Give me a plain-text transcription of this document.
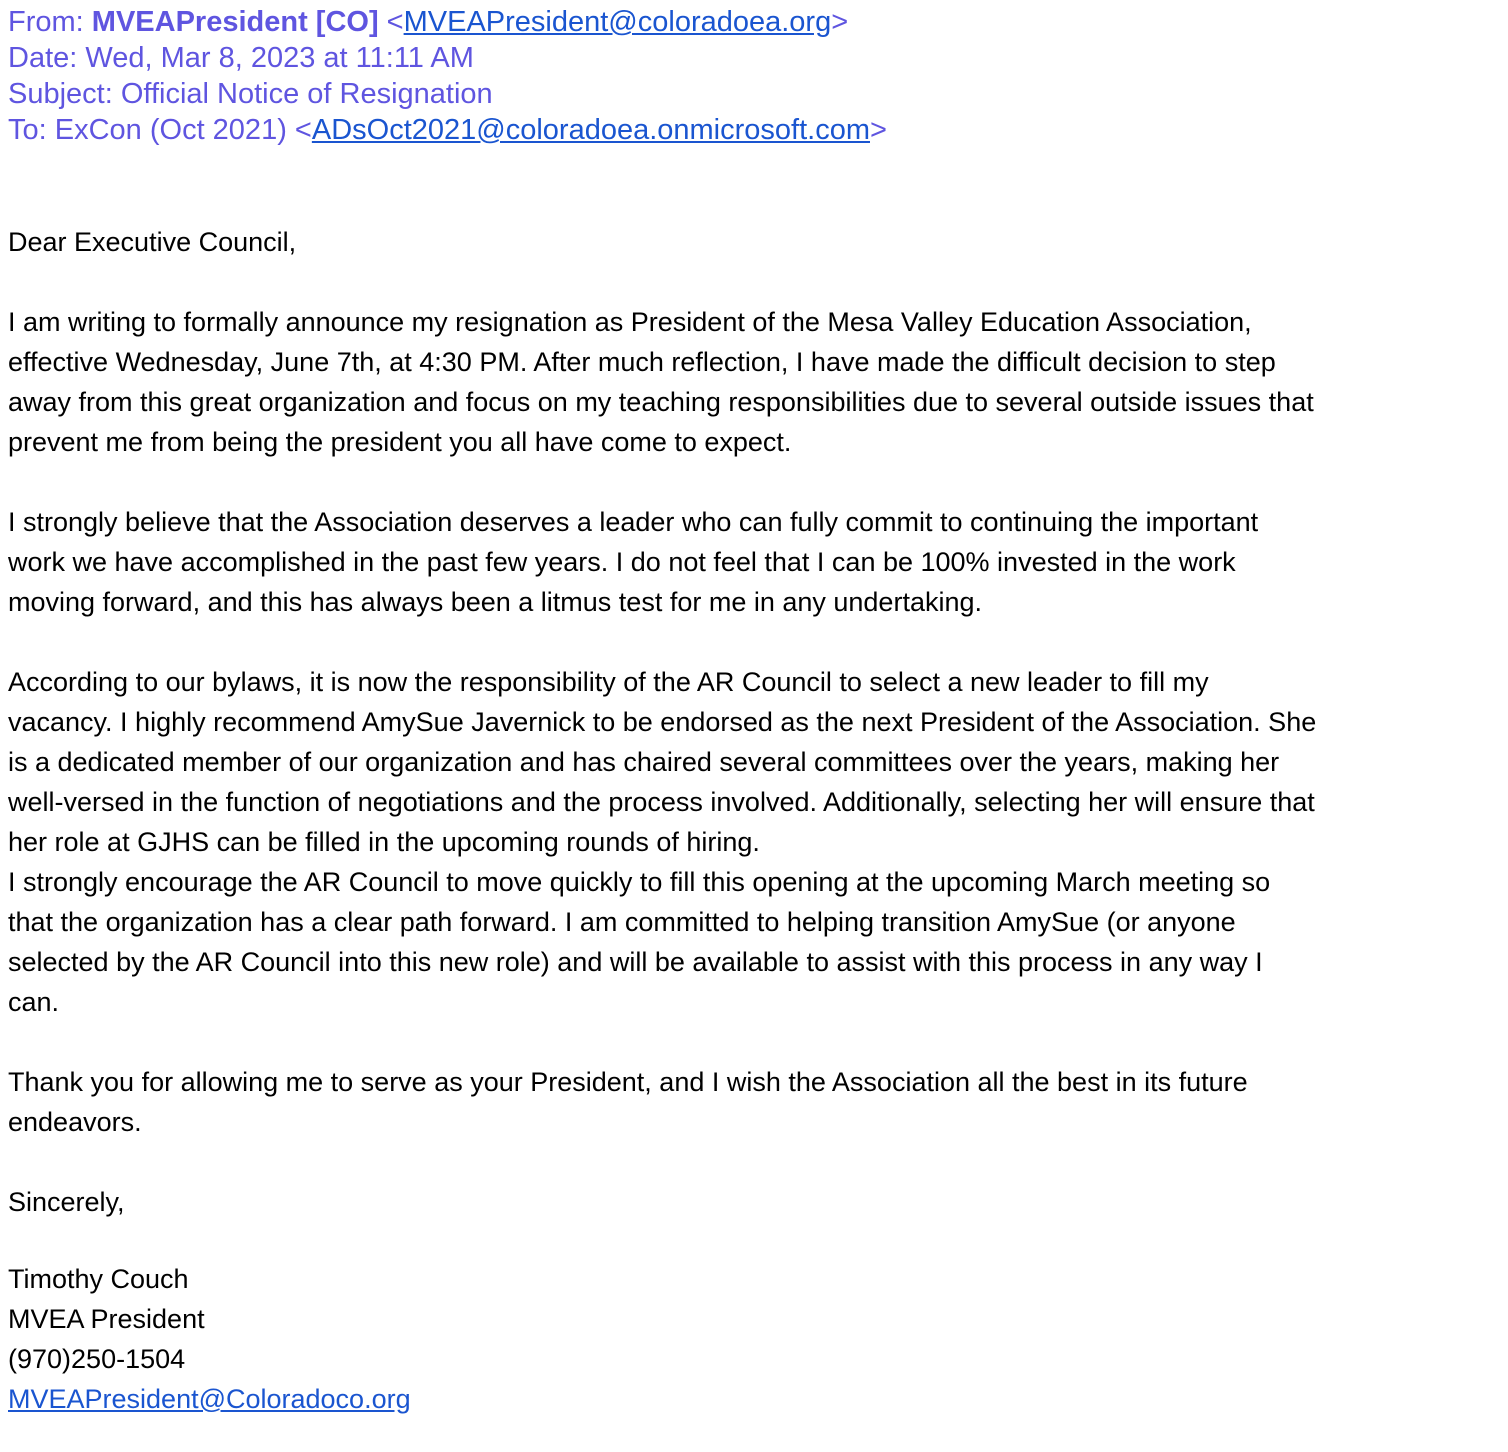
From: MVEAPresident [CO] <MVEAPresident@coloradoea.org>
Date: Wed, Mar 8, 2023 at 11:11 AM
Subject: Official Notice of Resignation
To: ExCon (Oct 2021) <ADsOct2021@coloradoea.onmicrosoft.com>

Dear Executive Council,

I am writing to formally announce my resignation as President of the Mesa Valley Education Association,
effective Wednesday, June 7th, at 4:30 PM. After much reflection, I have made the difficult decision to step
away from this great organization and focus on my teaching responsibilities due to several outside issues that
prevent me from being the president you all have come to expect.
I strongly believe that the Association deserves a leader who can fully commit to continuing the important
work we have accomplished in the past few years. I do not feel that I can be 100% invested in the work
moving forward, and this has always been a litmus test for me in any undertaking.
According to our bylaws, it is now the responsibility of the AR Council to select a new leader to fill my
vacancy. I highly recommend AmySue Javernick to be endorsed as the next President of the Association. She
is a dedicated member of our organization and has chaired several committees over the years, making her
well-versed in the function of negotiations and the process involved. Additionally, selecting her will ensure that
her role at GJHS can be filled in the upcoming rounds of hiring.
I strongly encourage the AR Council to move quickly to fill this opening at the upcoming March meeting so
that the organization has a clear path forward. I am committed to helping transition AmySue (or anyone
selected by the AR Council into this new role) and will be available to assist with this process in any way I
can.
Thank you for allowing me to serve as your President, and I wish the Association all the best in its future
endeavors.

Sincerely,

Timothy Couch
MVEA President
(970)250-1504
MVEAPresident@Coloradoco.org
